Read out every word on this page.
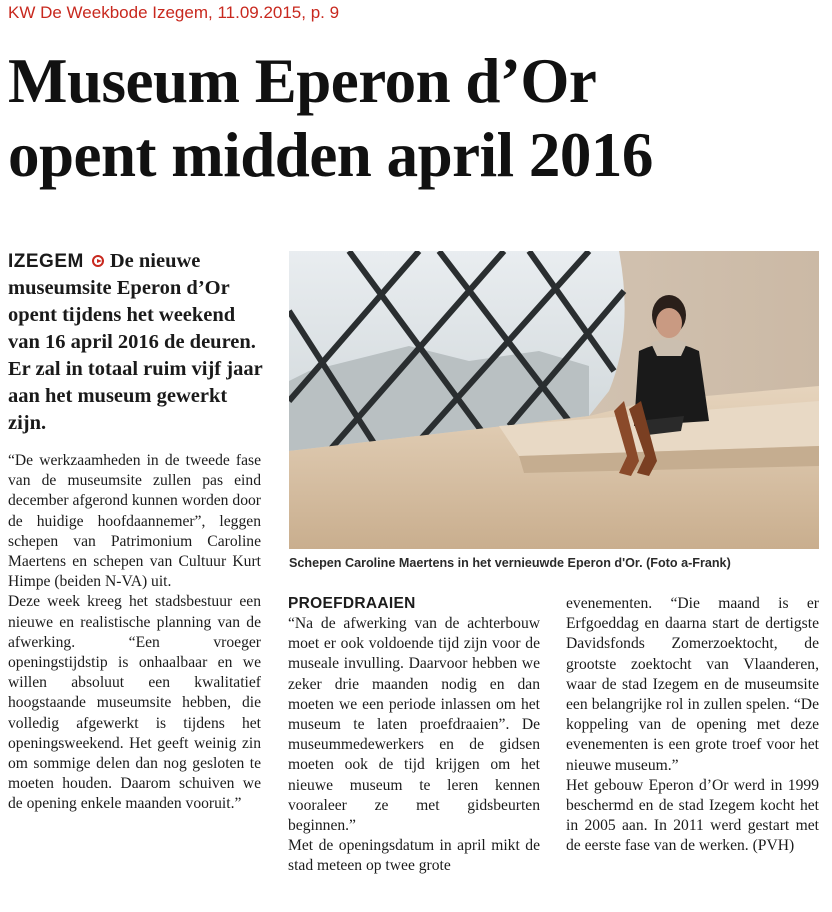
KW De Weekbode Izegem, 11.09.2015, p. 9
Museum Eperon d’Or
opent midden april 2016

IZEGEM De nieuwe museumsite Eperon d’Or opent tijdens het weekend van 16 april 2016 de deuren. Er zal in totaal ruim vijf jaar aan het museum gewerkt zijn.

“De werkzaamheden in de tweede fase van de museumsite zullen pas eind december afgerond kunnen worden door de huidige hoofdaannemer”, leggen schepen van Patrimonium Caroline Maertens en schepen van Cultuur Kurt Himpe (beiden N-VA) uit.

Deze week kreeg het stadsbestuur een nieuwe en realistische planning van de afwerking. “Een vroeger openingstijdstip is onhaalbaar en we willen absoluut een kwalitatief hoogstaande museumsite hebben, die volledig afgewerkt is tijdens het openingsweekend. Het geeft weinig zin om sommige delen dan nog gesloten te moeten houden. Daarom schuiven we de opening enkele maanden vooruit.”

Schepen Caroline Maertens in het vernieuwde Eperon d'Or. (Foto a-Frank)

PROEFDRAAIEN

“Na de afwerking van de achterbouw moet er ook voldoende tijd zijn voor de museale invulling. Daarvoor hebben we zeker drie maanden nodig en dan moeten we een periode inlassen om het museum te laten proefdraaien”. De museummedewerkers en de gidsen moeten ook de tijd krijgen om het nieuwe museum te leren kennen vooraleer ze met gidsbeurten beginnen.”

Met de openingsdatum in april mikt de stad meteen op twee grote

evenementen. “Die maand is er Erfgoeddag en daarna start de dertigste Davidsfonds Zomerzoektocht, de grootste zoektocht van Vlaanderen, waar de stad Izegem en de museumsite een belangrijke rol in zullen spelen. “De koppeling van de opening met deze evenementen is een grote troef voor het nieuwe museum.”

Het gebouw Eperon d’Or werd in 1999 beschermd en de stad Izegem kocht het in 2005 aan. In 2011 werd gestart met de eerste fase van de werken. (PVH)
